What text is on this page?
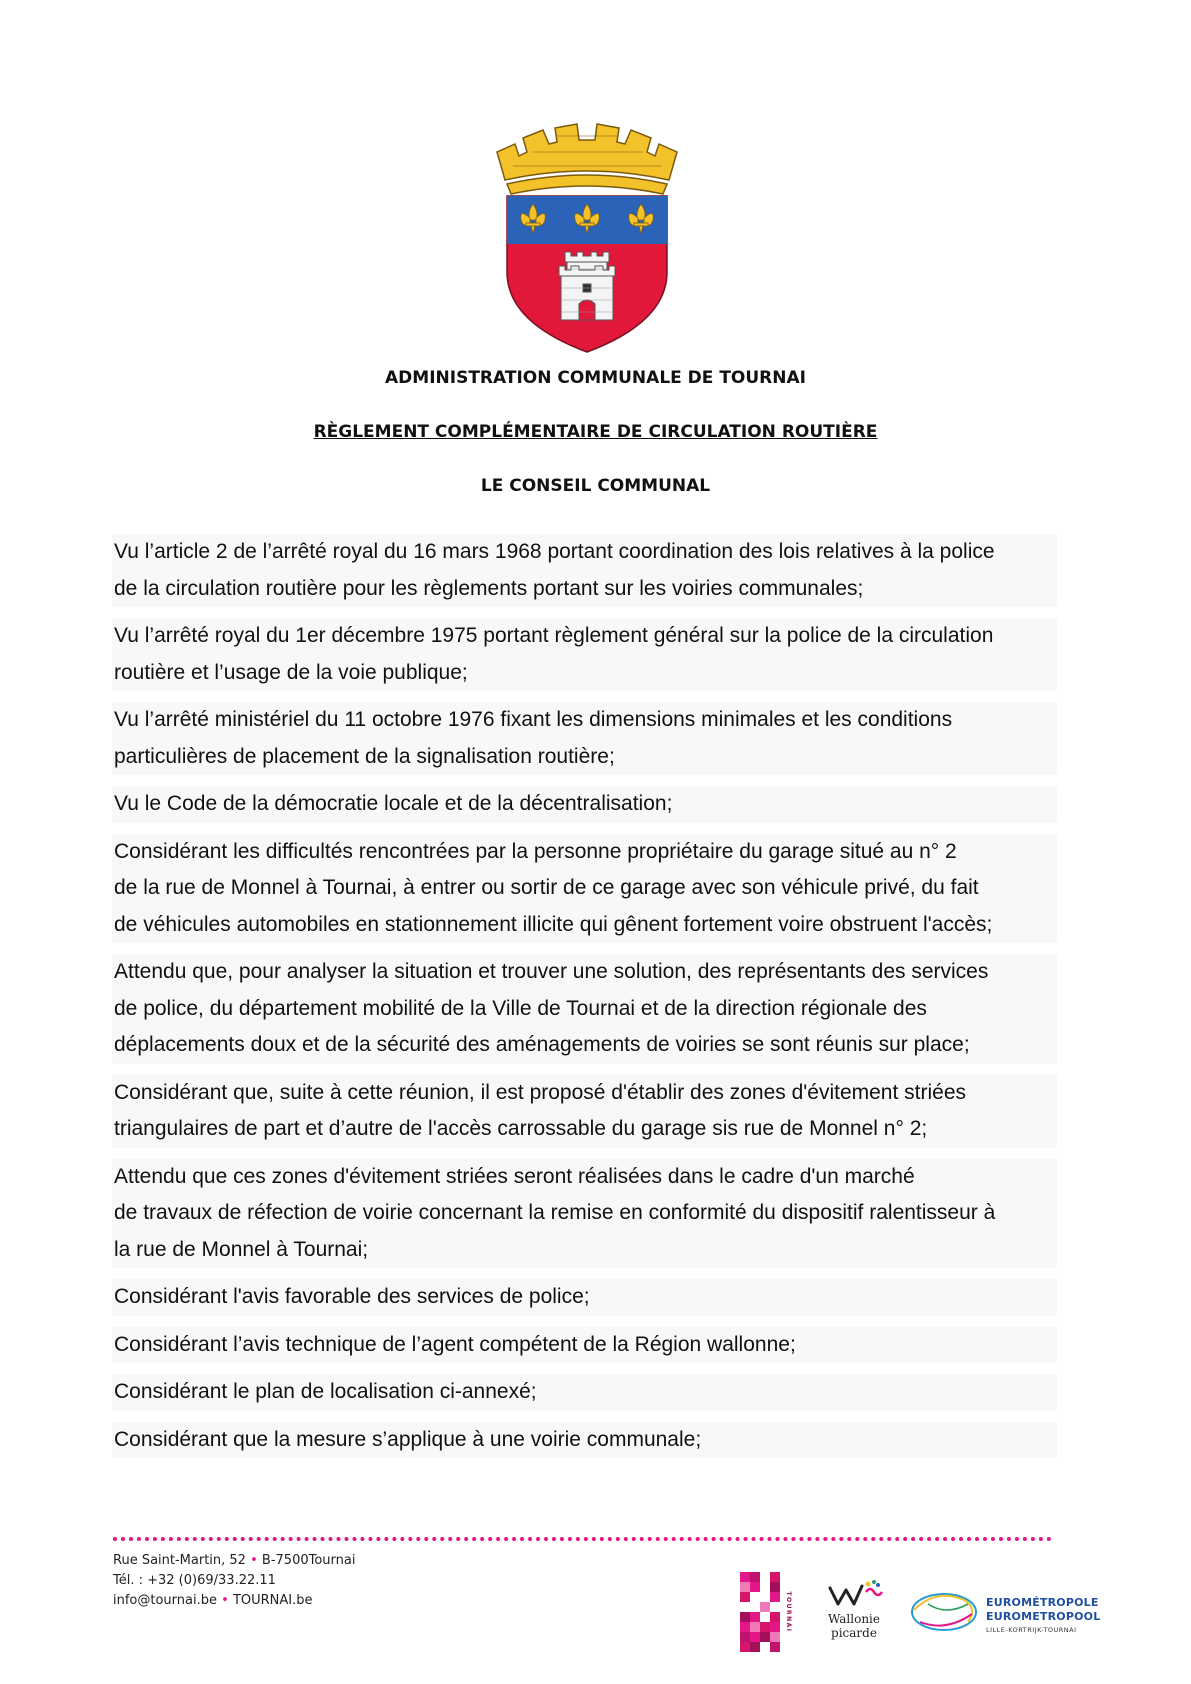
ADMINISTRATION COMMUNALE DE TOURNAI
RÈGLEMENT COMPLÉMENTAIRE DE CIRCULATION ROUTIÈRE
LE CONSEIL COMMUNAL

Vu l’article 2 de l’arrêté royal du 16 mars 1968 portant coordination des lois relatives à la police
de la circulation routière pour les règlements portant sur les voiries communales;

Vu l’arrêté royal du 1er décembre 1975 portant règlement général sur la police de la circulation
routière et l’usage de la voie publique;

Vu l’arrêté ministériel du 11 octobre 1976 fixant les dimensions minimales et les conditions
particulières de placement de la signalisation routière;

Vu le Code de la démocratie locale et de la décentralisation;

Considérant les difficultés rencontrées par la personne propriétaire du garage situé au n° 2
de la rue de Monnel à Tournai, à entrer ou sortir de ce garage avec son véhicule privé, du fait
de véhicules automobiles en stationnement illicite qui gênent fortement voire obstruent l'accès;

Attendu que, pour analyser la situation et trouver une solution, des représentants des services
de police, du département mobilité de la Ville de Tournai et de la direction régionale des
déplacements doux et de la sécurité des aménagements de voiries se sont réunis sur place;

Considérant que, suite à cette réunion, il est proposé d'établir des zones d'évitement striées
triangulaires de part et d’autre de l'accès carrossable du garage sis rue de Monnel n° 2;

Attendu que ces zones d'évitement striées seront réalisées dans le cadre d'un marché
de travaux de réfection de voirie concernant la remise en conformité du dispositif ralentisseur à
la rue de Monnel à Tournai;

Considérant l'avis favorable des services de police;

Considérant l’avis technique de l’agent compétent de la Région wallonne;

Considérant le plan de localisation ci-annexé;

Considérant que la mesure s’applique à une voirie communale;

Rue Saint-Martin, 52 • B-7500Tournai
Tél. : +32 (0)69/33.22.11
info@tournai.be • TOURNAI.be	TOURNAI	Wallonie
picarde
EUROMÉTROPOLE
EUROMETROPOOL
LILLE-KORTRIJK-TOURNAI
